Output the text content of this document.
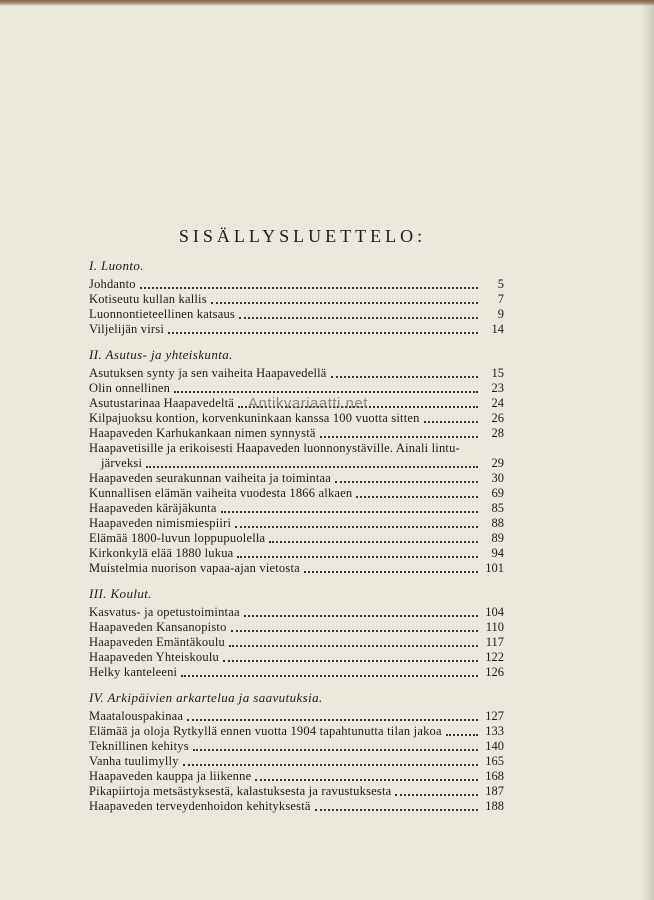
SISÄLLYSLUETTELO:
I. Luonto.
Johdanto	5
Kotiseutu kullan kallis	7
Luonnontieteellinen katsaus	9
Viljelijän virsi	14
II. Asutus- ja yhteiskunta.
Asutuksen synty ja sen vaiheita Haapavedellä	15
Olin onnellinen	23
Asutustarinaa Haapavedeltä	24
Kilpajuoksu kontion, korvenkuninkaan kanssa 100 vuotta sitten	26
Haapaveden Karhukankaan nimen synnystä	28
Haapavetisille ja erikoisesti Haapaveden luonnonystäville. Ainali lintu-
järveksi	29
Haapaveden seurakunnan vaiheita ja toimintaa	30
Kunnallisen elämän vaiheita vuodesta 1866 alkaen	69
Haapaveden käräjäkunta	85
Haapaveden nimismiespiiri	88
Elämää 1800-luvun loppupuolella	89
Kirkonkylä elää 1880 lukua	94
Muistelmia nuorison vapaa-ajan vietosta	101
III. Koulut.
Kasvatus- ja opetustoimintaa	104
Haapaveden Kansanopisto	110
Haapaveden Emäntäkoulu	117
Haapaveden Yhteiskoulu	122
Helky kanteleeni	126
IV. Arkipäivien arkartelua ja saavutuksia.
Maatalouspakinaa	127
Elämää ja oloja Rytkyllä ennen vuotta 1904 tapahtunutta tilan jakoa	133
Teknillinen kehitys	140
Vanha tuulimylly	165
Haapaveden kauppa ja liikenne	168
Pikapiirtoja metsästyksestä, kalastuksesta ja ravustuksesta	187
Haapaveden terveydenhoidon kehityksestä	188
Antikvariaatti.net
